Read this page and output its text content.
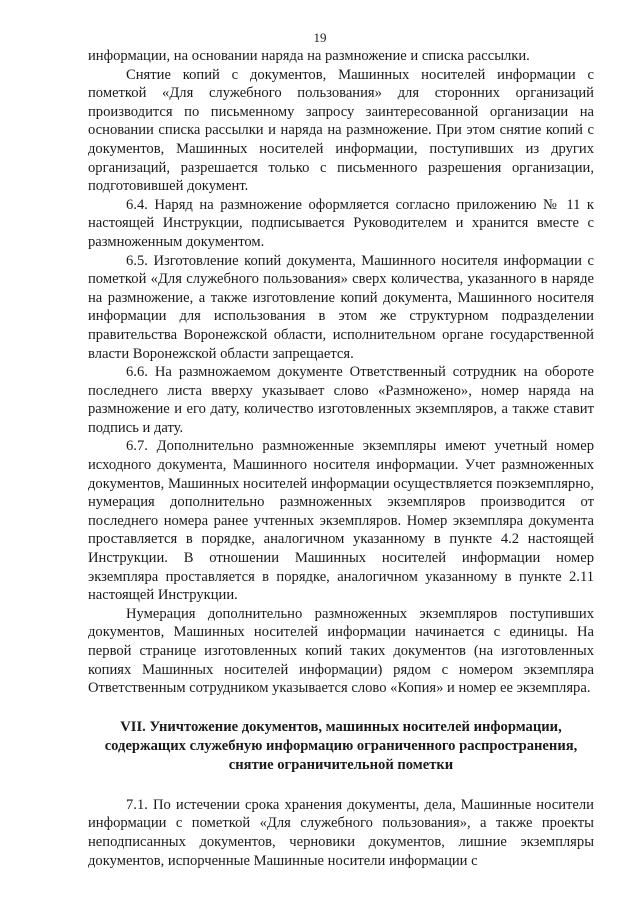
19

информации, на основании наряда на размножение и списка рассылки.

Снятие копий с документов, Машинных носителей информации с пометкой «Для служебного пользования» для сторонних организаций производится по письменному запросу заинтересованной организации на основании списка рассылки и наряда на размножение. При этом снятие копий с документов, Машинных носителей информации, поступивших из других организаций, разрешается только с письменного разрешения организации, подготовившей документ.

6.4. Наряд на размножение оформляется согласно приложению № 11 к настоящей Инструкции, подписывается Руководителем и хранится вместе с размноженным документом.

6.5. Изготовление копий документа, Машинного носителя информации с пометкой «Для служебного пользования» сверх количества, указанного в наряде на размножение, а также изготовление копий документа, Машинного носителя информации для использования в этом же структурном подразделении правительства Воронежской области, исполнительном органе государственной власти Воронежской области запрещается.

6.6. На размножаемом документе Ответственный сотрудник на обороте последнего листа вверху указывает слово «Размножено», номер наряда на размножение и его дату, количество изготовленных экземпляров, а также ставит подпись и дату.

6.7. Дополнительно размноженные экземпляры имеют учетный номер исходного документа, Машинного носителя информации. Учет размноженных документов, Машинных носителей информации осуществляется поэкземплярно, нумерация дополнительно размноженных экземпляров производится от последнего номера ранее учтенных экземпляров. Номер экземпляра документа проставляется в порядке, аналогичном указанному в пункте 4.2 настоящей Инструкции. В отношении Машинных носителей информации номер экземпляра проставляется в порядке, аналогичном указанному в пункте 2.11 настоящей Инструкции.

Нумерация дополнительно размноженных экземпляров поступивших документов, Машинных носителей информации начинается с единицы. На первой странице изготовленных копий таких документов (на изготовленных копиях Машинных носителей информации) рядом с номером экземпляра Ответственным сотрудником указывается слово «Копия» и номер ее экземпляра.

VII. Уничтожение документов, машинных носителей информации,
содержащих служебную информацию ограниченного распространения,
снятие ограничительной пометки

7.1. По истечении срока хранения документы, дела, Машинные носители информации с пометкой «Для служебного пользования», а также проекты неподписанных документов, черновики документов, лишние экземпляры документов, испорченные Машинные носители информации с
